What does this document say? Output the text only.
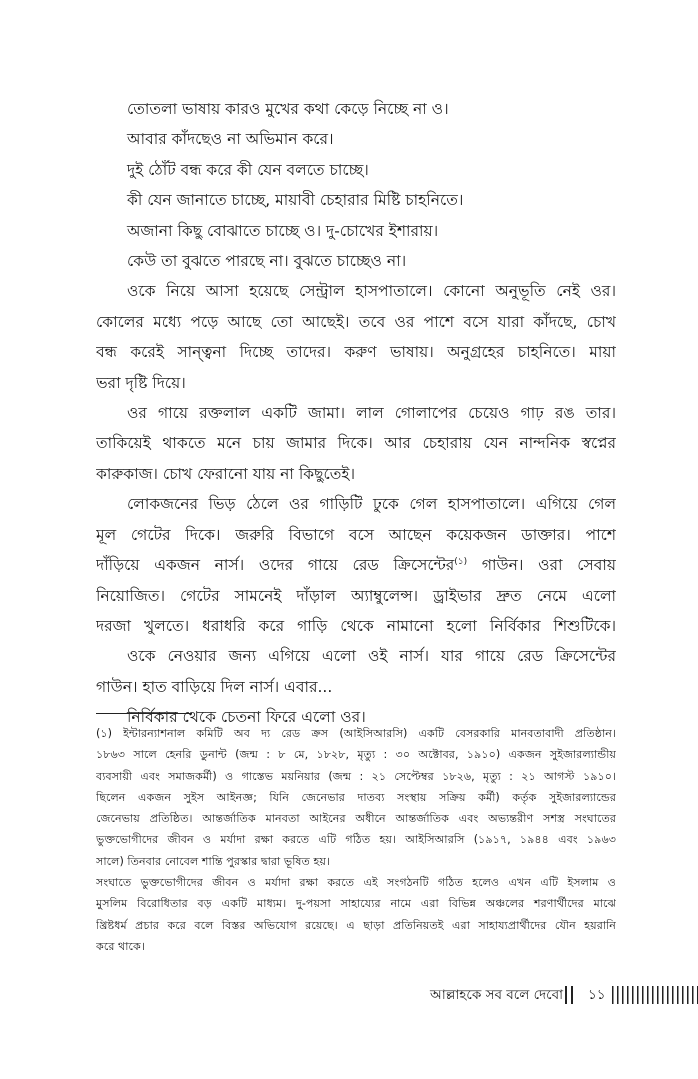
তোতলা ভাষায় কারও মুখের কথা কেড়ে নিচ্ছে না ও।

আবার কাঁদছেও না অভিমান করে।

দুই ঠোঁট বন্ধ করে কী যেন বলতে চাচ্ছে।

কী যেন জানাতে চাচ্ছে, মায়াবী চেহারার মিষ্টি চাহনিতে।

অজানা কিছু বোঝাতে চাচ্ছে ও। দু-চোখের ইশারায়।

কেউ তা বুঝতে পারছে না। বুঝতে চাচ্ছেও না।

ওকে নিয়ে আসা হয়েছে সেন্ট্রাল হাসপাতালে। কোনো অনুভূতি নেই ওর।

কোলের মধ্যে পড়ে আছে তো আছেই। তবে ওর পাশে বসে যারা কাঁদছে, চোখ

বন্ধ করেই সান্ত্বনা দিচ্ছে তাদের। করুণ ভাষায়। অনুগ্রহের চাহনিতে। মায়া

ভরা দৃষ্টি দিয়ে।

ওর গায়ে রক্তলাল একটি জামা। লাল গোলাপের চেয়েও গাঢ় রঙ তার।

তাকিয়েই থাকতে মনে চায় জামার দিকে। আর চেহারায় যেন নান্দনিক স্বপ্নের

কারুকাজ। চোখ ফেরানো যায় না কিছুতেই।

লোকজনের ভিড় ঠেলে ওর গাড়িটি ঢুকে গেল হাসপাতালে। এগিয়ে গেল

মূল গেটের দিকে। জরুরি বিভাগে বসে আছেন কয়েকজন ডাক্তার। পাশে

দাঁড়িয়ে একজন নার্স। ওদের গায়ে রেড ক্রিসেন্টের$^{(১)}$ গাউন। ওরা সেবায়

নিয়োজিত। গেটের সামনেই দাঁড়াল অ্যাম্বুলেন্স। ড্রাইভার দ্রুত নেমে এলো

দরজা খুলতে। ধরাধরি করে গাড়ি থেকে নামানো হলো নির্বিকার শিশুটিকে।

ওকে নেওয়ার জন্য এগিয়ে এলো ওই নার্স। যার গায়ে রেড ক্রিসেন্টের

গাউন। হাত বাড়িয়ে দিল নার্স। এবার...

নির্বিকার থেকে চেতনা ফিরে এলো ওর।

(১) ইন্টারন্যাশনাল কমিটি অব দ্য রেড ক্রস (আইসিআরসি) একটি বেসরকারি মানবতাবাদী প্রতিষ্ঠান।

১৮৬৩ সালে হেনরি ডুনান্ট (জন্ম : ৮ মে, ১৮২৮, মৃত্যু : ৩০ অক্টোবর, ১৯১০) একজন সুইজারল্যান্ডীয়

ব্যবসায়ী এবং সমাজকর্মী) ও গাস্তেভ ময়নিয়ার (জন্ম : ২১ সেপ্টেম্বর ১৮২৬, মৃত্যু : ২১ আগস্ট ১৯১০।

ছিলেন একজন সুইস আইনজ্ঞ; যিনি জেনেভার দাতব্য সংস্থায় সক্রিয় কর্মী) কর্তৃক সুইজারল্যান্ডের

জেনেভায় প্রতিষ্ঠিত। আন্তর্জাতিক মানবতা আইনের অধীনে আন্তর্জাতিক এবং অভ্যন্তরীণ সশস্ত্র সংঘাতের

ভুক্তভোগীদের জীবন ও মর্যাদা রক্ষা করতে এটি গঠিত হয়। আইসিআরসি (১৯১৭, ১৯৪৪ এবং ১৯৬৩

সালে) তিনবার নোবেল শান্তি পুরস্কার দ্বারা ভূষিত হয়।

সংঘাতে ভুক্তভোগীদের জীবন ও মর্যাদা রক্ষা করতে এই সংগঠনটি গঠিত হলেও এখন এটি ইসলাম ও

মুসলিম বিরোধিতার বড় একটি মাধ্যম। দু-পয়সা সাহায্যের নামে এরা বিভিন্ন অঞ্চলের শরণার্থীদের মাঝে

খ্রিষ্টধর্ম প্রচার করে বলে বিস্তর অভিযোগ রয়েছে। এ ছাড়া প্রতিনিয়তই এরা সাহায্যপ্রার্থীদের যৌন হয়রানি

করে থাকে।

আল্লাহকে সব বলে দেবো ১১
